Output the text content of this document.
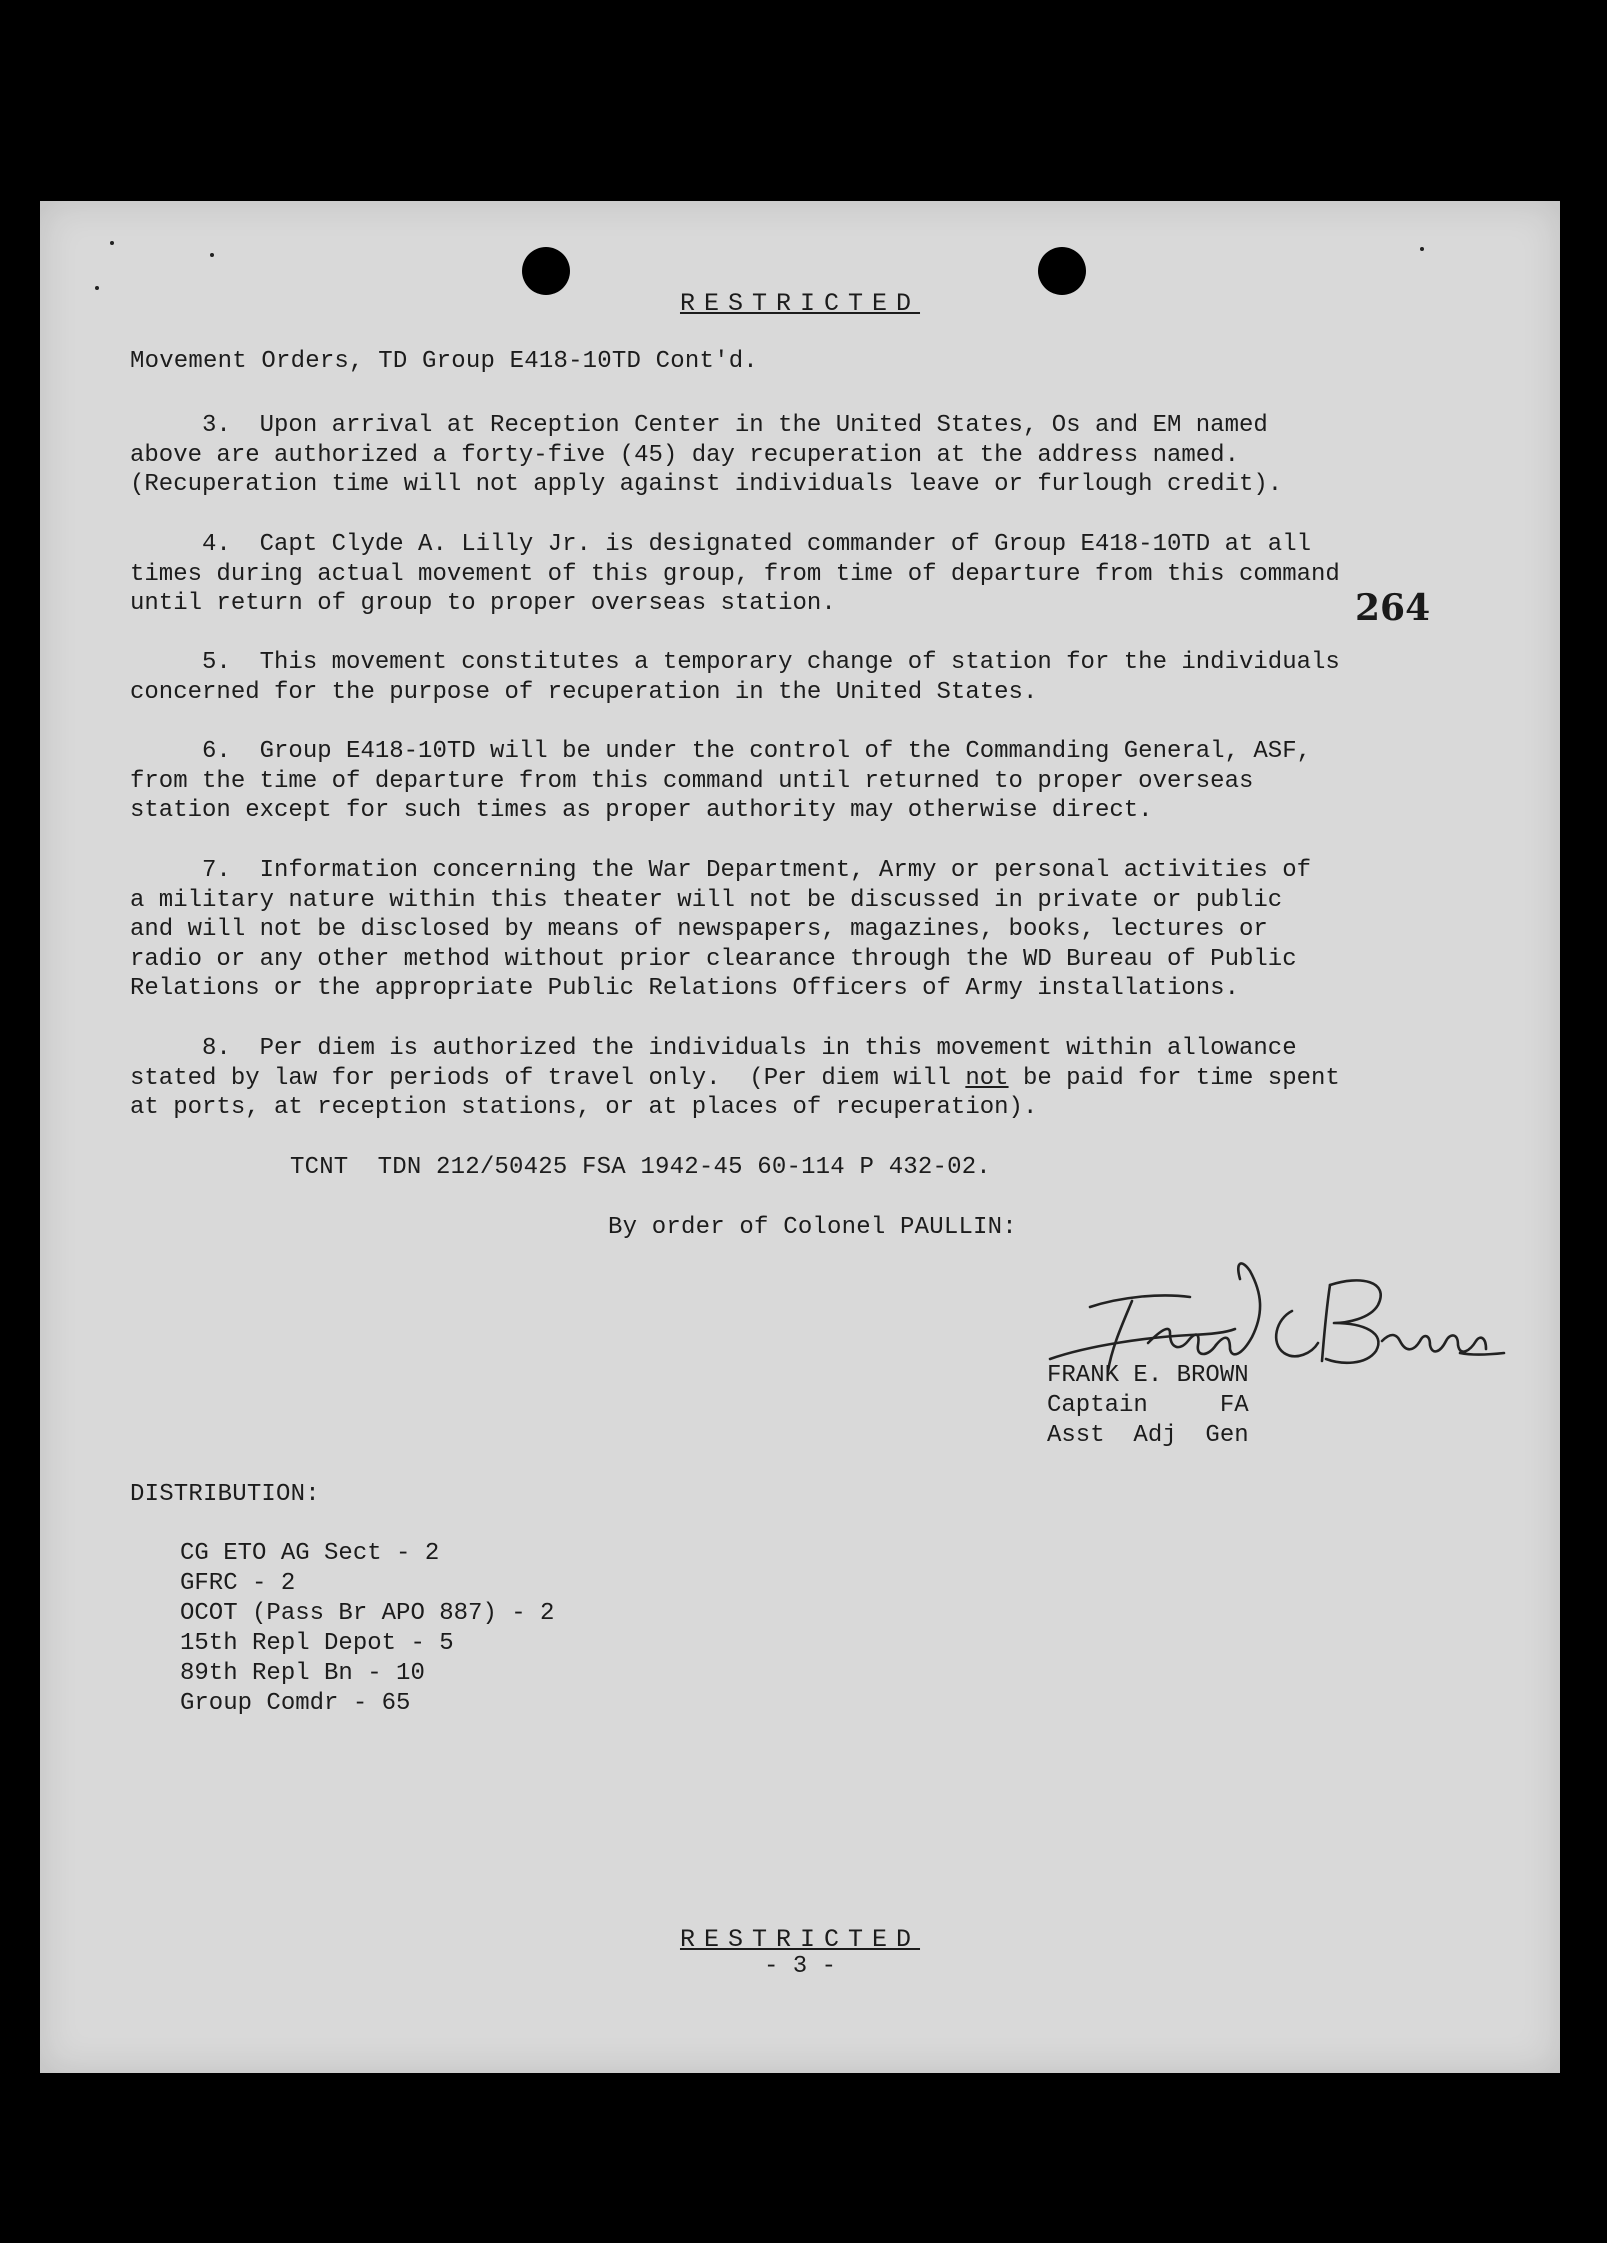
RESTRICTED
Movement Orders, TD Group E418-10TD Cont'd.
3.  Upon arrival at Reception Center in the United States, Os and EM named
above are authorized a forty-five (45) day recuperation at the address named.
(Recuperation time will not apply against individuals leave or furlough credit).
4.  Capt Clyde A. Lilly Jr. is designated commander of Group E418-10TD at all
times during actual movement of this group, from time of departure from this command
until return of group to proper overseas station.	264
5.  This movement constitutes a temporary change of station for the individuals
concerned for the purpose of recuperation in the United States.
6.  Group E418-10TD will be under the control of the Commanding General, ASF,
from the time of departure from this command until returned to proper overseas
station except for such times as proper authority may otherwise direct.
7.  Information concerning the War Department, Army or personal activities of
a military nature within this theater will not be discussed in private or public
and will not be disclosed by means of newspapers, magazines, books, lectures or
radio or any other method without prior clearance through the WD Bureau of Public
Relations or the appropriate Public Relations Officers of Army installations.
8.  Per diem is authorized the individuals in this movement within allowance
stated by law for periods of travel only.  (Per diem will not be paid for time spent
at ports, at reception stations, or at places of recuperation).
TCNT  TDN 212/50425 FSA 1942-45 60-114 P 432-02.
By order of Colonel PAULLIN:
FRANK E. BROWN
Captain     FA
Asst  Adj  Gen
DISTRIBUTION:
CG ETO AG Sect - 2
GFRC - 2
OCOT (Pass Br APO 887) - 2
15th Repl Depot - 5
89th Repl Bn - 10
Group Comdr - 65
RESTRICTED
- 3 -
